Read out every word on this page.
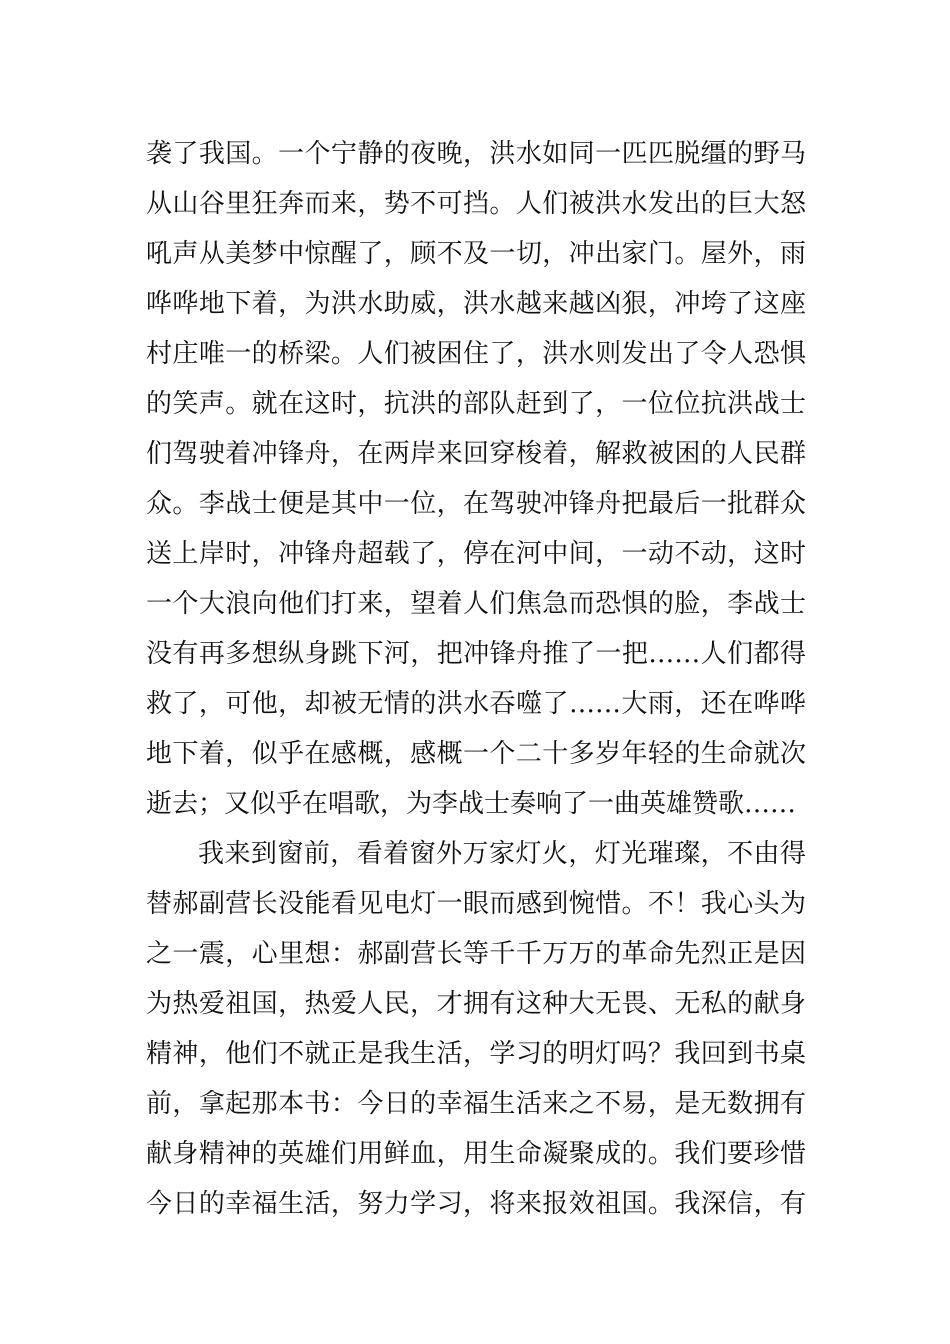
袭了我国。一个宁静的夜晚，洪水如同一匹匹脱缰的野马
从山谷里狂奔而来，势不可挡。人们被洪水发出的巨大怒
吼声从美梦中惊醒了，顾不及一切，冲出家门。屋外，雨
哗哗地下着，为洪水助威，洪水越来越凶狠，冲垮了这座
村庄唯一的桥梁。人们被困住了，洪水则发出了令人恐惧
的笑声。就在这时，抗洪的部队赶到了，一位位抗洪战士
们驾驶着冲锋舟，在两岸来回穿梭着，解救被困的人民群
众。李战士便是其中一位，在驾驶冲锋舟把最后一批群众
送上岸时，冲锋舟超载了，停在河中间，一动不动，这时
一个大浪向他们打来，望着人们焦急而恐惧的脸，李战士
没有再多想纵身跳下河，把冲锋舟推了一把……人们都得
救了，可他，却被无情的洪水吞噬了……大雨，还在哗哗
地下着，似乎在感概，感概一个二十多岁年轻的生命就次
逝去；又似乎在唱歌，为李战士奏响了一曲英雄赞歌……
我来到窗前，看着窗外万家灯火，灯光璀璨，不由得
替郝副营长没能看见电灯一眼而感到惋惜。不！我心头为
之一震，心里想：郝副营长等千千万万的革命先烈正是因
为热爱祖国，热爱人民，才拥有这种大无畏、无私的献身
精神，他们不就正是我生活，学习的明灯吗？我回到书桌
前，拿起那本书：今日的幸福生活来之不易，是无数拥有
献身精神的英雄们用鲜血，用生命凝聚成的。我们要珍惜
今日的幸福生活，努力学习，将来报效祖国。我深信，有
